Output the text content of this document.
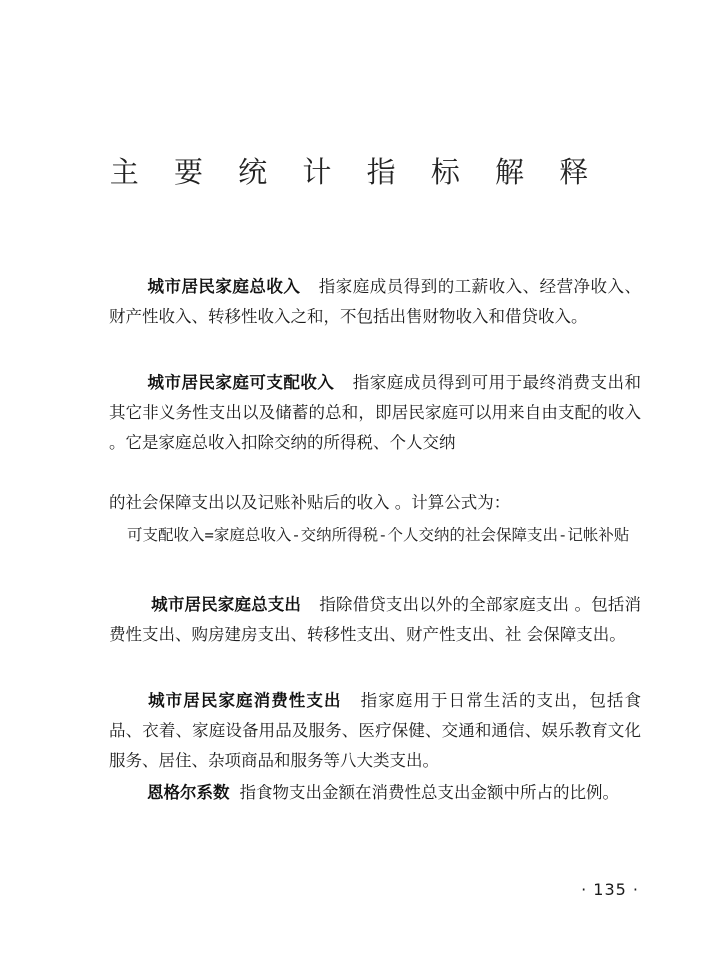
主 要 统 计 指 标 解 释
城市居民家庭总收入 指家庭成员得到的工薪收入、经营净收入、财产性收入、转移性收入之和，不包括出售财物收入和借贷收入。
城市居民家庭可支配收入 指家庭成员得到可用于最终消费支出和其它非义务性支出以及储蓄的总和，即居民家庭可以用来自由支配的收入 。它是家庭总收入扣除交纳的所得税、个人交纳
的社会保障支出以及记账补贴后的收入 。计算公式为：
可支配收入=家庭总收入-交纳所得税-个人交纳的社会保障支出-记帐补贴
城市居民家庭总支出 指除借贷支出以外的全部家庭支出 。包括消费性支出、购房建房支出、转移性支出、财产性支出、社 会保障支出。
城市居民家庭消费性支出 指家庭用于日常生活的支出，包括食品、衣着、家庭设备用品及服务、医疗保健、交通和通信、娱乐教育文化服务、居住、杂项商品和服务等八大类支出。
恩格尔系数 指食物支出金额在消费性总支出金额中所占的比例。
· 135 ·
